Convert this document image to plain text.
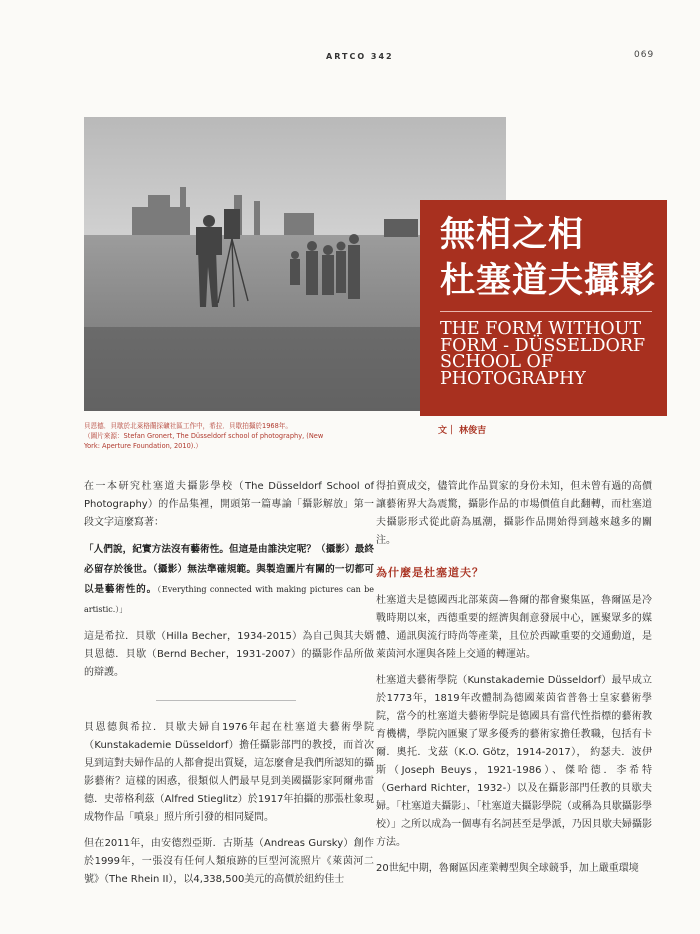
ARTCO 342	069
貝恩德．貝歇於北萊格蘭採礦社區工作中，希拉．貝歇拍攝於1968年。
（圖片來源：Stefan Gronert, The Düsseldorf school of photography, (New
York: Aperture Foundation, 2010).）
無相之相
杜塞道夫攝影
THE FORM WITHOUT
FORM - DÜSSELDORF
SCHOOL OF
PHOTOGRAPHY
文｜ 林俊吉

在一本研究杜塞道夫攝影學校（The Düsseldorf School of Photography）的作品集裡，開頭第一篇專論「攝影解放」第一段文字這麼寫著：

「人們說，紀實方法沒有藝術性。但這是由誰決定呢？（攝影）最終必留存於後世。（攝影）無法準確規範。與製造圖片有關的一切都可以是藝術性的。（Everything connected with making pictures can be artistic.）」

這是希拉．貝歇（Hilla Becher，1934-2015）為自己與其夫婿貝恩德．貝歇（Bernd Becher，1931-2007）的攝影作品所做的辯護。

貝恩德與希拉．貝歇夫婦自1976年起在杜塞道夫藝術學院（Kunstakademie Düsseldorf）擔任攝影部門的教授，而首次見到這對夫婦作品的人都會提出質疑，這怎麼會是我們所認知的攝影藝術？這樣的困惑，很類似人們最早見到美國攝影家阿爾弗雷德．史蒂格利茲（Alfred Stieglitz）於1917年拍攝的那張杜象現成物作品「噴泉」照片所引發的相同疑問。

但在2011年，由安德烈亞斯．古斯基（Andreas Gursky）創作於1999年，一張沒有任何人類痕跡的巨型河流照片《萊茵河二號》（The Rhein II），以4,338,500美元的高價於紐約佳士

得拍賣成交，儘管此作品買家的身份未知，但未曾有過的高價讓藝術界大為震驚，攝影作品的市場價值自此翻轉，而杜塞道夫攝影形式從此蔚為風潮，攝影作品開始得到越來越多的關注。

為什麼是杜塞道夫？

杜塞道夫是德國西北部萊茵—魯爾的都會聚集區，魯爾區是冷戰時期以來，西德重要的經濟與創意發展中心，匯聚眾多的媒體、通訊與流行時尚等產業，且位於西歐重要的交通動道，是萊茵河水運與各陸上交通的轉運站。

杜塞道夫藝術學院（Kunstakademie Düsseldorf）最早成立於1773年，1819年改體制為德國萊茵省普魯士皇家藝術學院，當今的杜塞道夫藝術學院是德國具有當代性指標的藝術教育機構，學院內匯聚了眾多優秀的藝術家擔任教職，包括有卡爾．奧托．戈茲（K.O. Götz，1914-2017）， 約瑟夫．波伊斯（Joseph Beuys，1921-1986）、傑哈德．李希特（Gerhard Richter，1932-）以及在攝影部門任教的貝歇夫婦。「杜塞道夫攝影」、「杜塞道夫攝影學院（或稱為貝歇攝影學校）」之所以成為一個專有名詞甚至是學派，乃因貝歇夫婦攝影方法。

20世紀中期，魯爾區因產業轉型與全球競爭，加上嚴重環境
